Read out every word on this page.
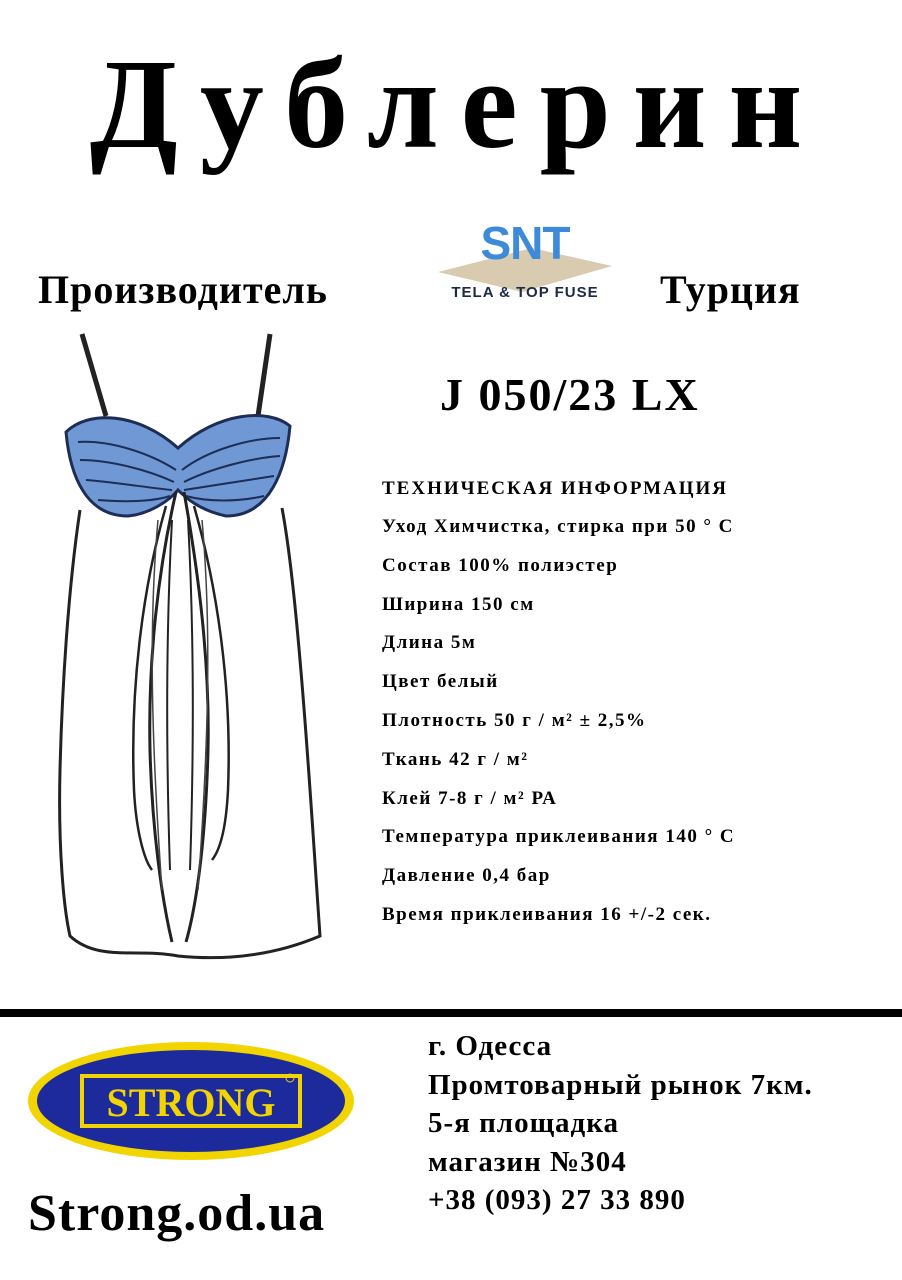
Дублерин
Производитель
SNT
TELA & TOP FUSE	Турция
J 050/23 LX
ТЕХНИЧЕСКАЯ ИНФОРМАЦИЯ
Уход Химчистка, стирка при 50 ° С
Состав 100% полиэстер
Ширина 150 см
Длина 5м
Цвет белый
Плотность 50 г / м² ± 2,5%
Ткань 42 г / м²
Клей 7-8 г / м² РА
Температура приклеивания 140 ° С
Давление 0,4 бар
Время приклеивания 16 +/-2 сек.
STRONG
Strong.od.ua
г. Одесса
Промтоварный рынок 7км.
5-я площадка
магазин №304
+38 (093) 27 33 890
